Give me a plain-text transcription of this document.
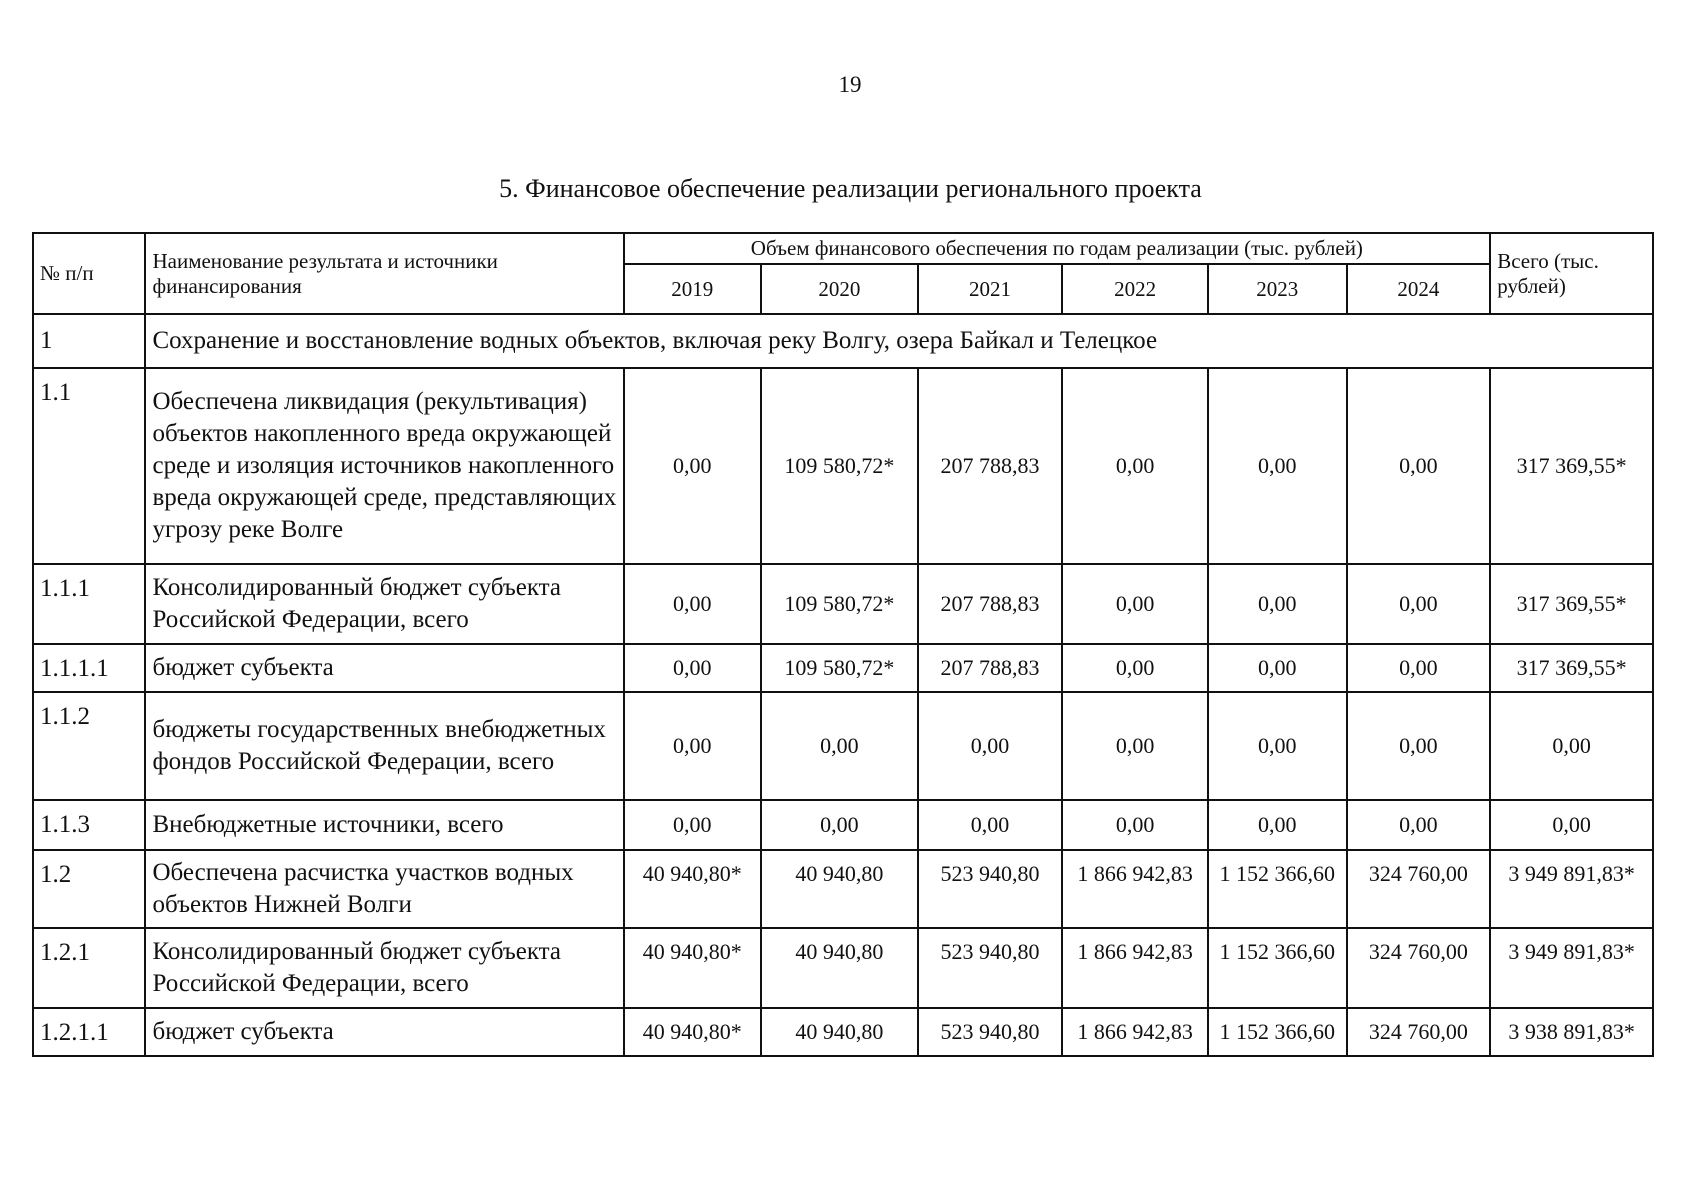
19
5. Финансовое обеспечение реализации регионального проекта
№ п/п	Наименование результата и источники финансирования	Объем финансового обеспечения по годам реализации (тыс. рублей)						Всего (тыс. рублей)
		2019	2020	2021	2022	2023	2024	
1	Сохранение и восстановление водных объектов, включая реку Волгу, озера Байкал и Телецкое							
1.1	Обеспечена ликвидация (рекультивация) объектов накопленного вреда окружающей среде и изоляция источников накопленного вреда окружающей среде, представляющих угрозу реке Волге	0,00	109 580,72*	207 788,83	0,00	0,00	0,00	317 369,55*
1.1.1	Консолидированный бюджет субъекта Российской Федерации, всего	0,00	109 580,72*	207 788,83	0,00	0,00	0,00	317 369,55*
1.1.1.1	бюджет субъекта	0,00	109 580,72*	207 788,83	0,00	0,00	0,00	317 369,55*
1.1.2	бюджеты государственных внебюджетных фондов Российской Федерации, всего	0,00	0,00	0,00	0,00	0,00	0,00	0,00
1.1.3	Внебюджетные источники, всего	0,00	0,00	0,00	0,00	0,00	0,00	0,00
1.2	Обеспечена расчистка участков водных объектов Нижней Волги	40 940,80*	40 940,80	523 940,80	1 866 942,83	1 152 366,60	324 760,00	3 949 891,83*
1.2.1	Консолидированный бюджет субъекта Российской Федерации, всего	40 940,80*	40 940,80	523 940,80	1 866 942,83	1 152 366,60	324 760,00	3 949 891,83*
1.2.1.1	бюджет субъекта	40 940,80*	40 940,80	523 940,80	1 866 942,83	1 152 366,60	324 760,00	3 938 891,83*
